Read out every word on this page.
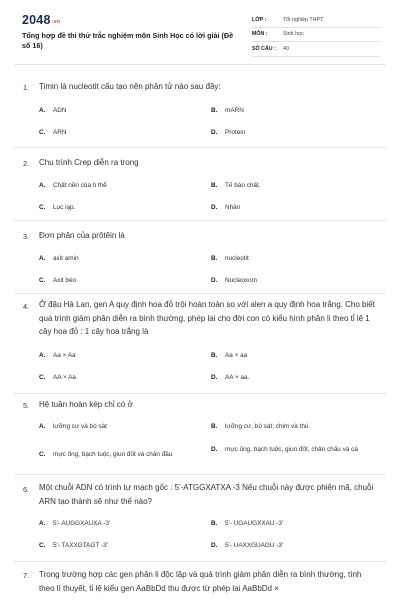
2048.vn
Tổng hợp đề thi thử trắc nghiệm môn Sinh Học có lời giải (Đề số 16)
LỚP :	Tốt nghiệp THPT
MÔN :	Sinh học
SỐ CÂU :	40
1. Timin là nucleotit cấu tạo nên phân tử nào sau đây:
A. ADN	B. mARN
C. ARN	D. Protein
2. Chu trình Crep diễn ra trong
A. Chất nền của ti thể	B. Tế bào chất.
C. Lục lạp.	D. Nhân
3. Đơn phân của prôtêin là
A. axit amin	B. nucleotit
C. Axit béo	D. Nucleoxom
4. Ở đậu Hà Lan, gen A quy định hoa đỏ trội hoàn toàn so với alen a quy định hoa trắng. Cho biết quá trình giảm phân diễn ra bình thường, phép lai cho đời con có kiểu hình phân li theo tỉ lệ 1 cây hoa đỏ : 1 cây hoa trắng là
A. Aa × Aa	B. Aa × aa
C. AA × Aa	D. AA × aa.
5. Hệ tuần hoàn kép chỉ có ở
A. lưỡng cư và bò sát	B. lưỡng cư, bò sát, chim và thú
C. mực ống, bạch tuộc, giun đốt và chân đầu
D. mực ống, bạch tuộc, giun đốt, chân chấu và cá
6. Một chuỗi ADN có trình tự mạch gốc : 5'-ATGGXATXA -3 Nếu chuỗi này được phiên mã, chuỗi ARN tạo thành sẽ như thế nào?
A. 5'- AUGGXAUXA -3'	B. 5'- UGAUGXXAU -3'
C. 5'- TAXXGTAGT -3'	D. 5'- UAXXGUAGU -3'
7. Trong trường hợp các gen phân li độc lập và quá trình giảm phân diễn ra bình thường, tính theo lí thuyết, tỉ lệ kiểu gen AaBbDd thu được từ phép lai AaBbDd ×
